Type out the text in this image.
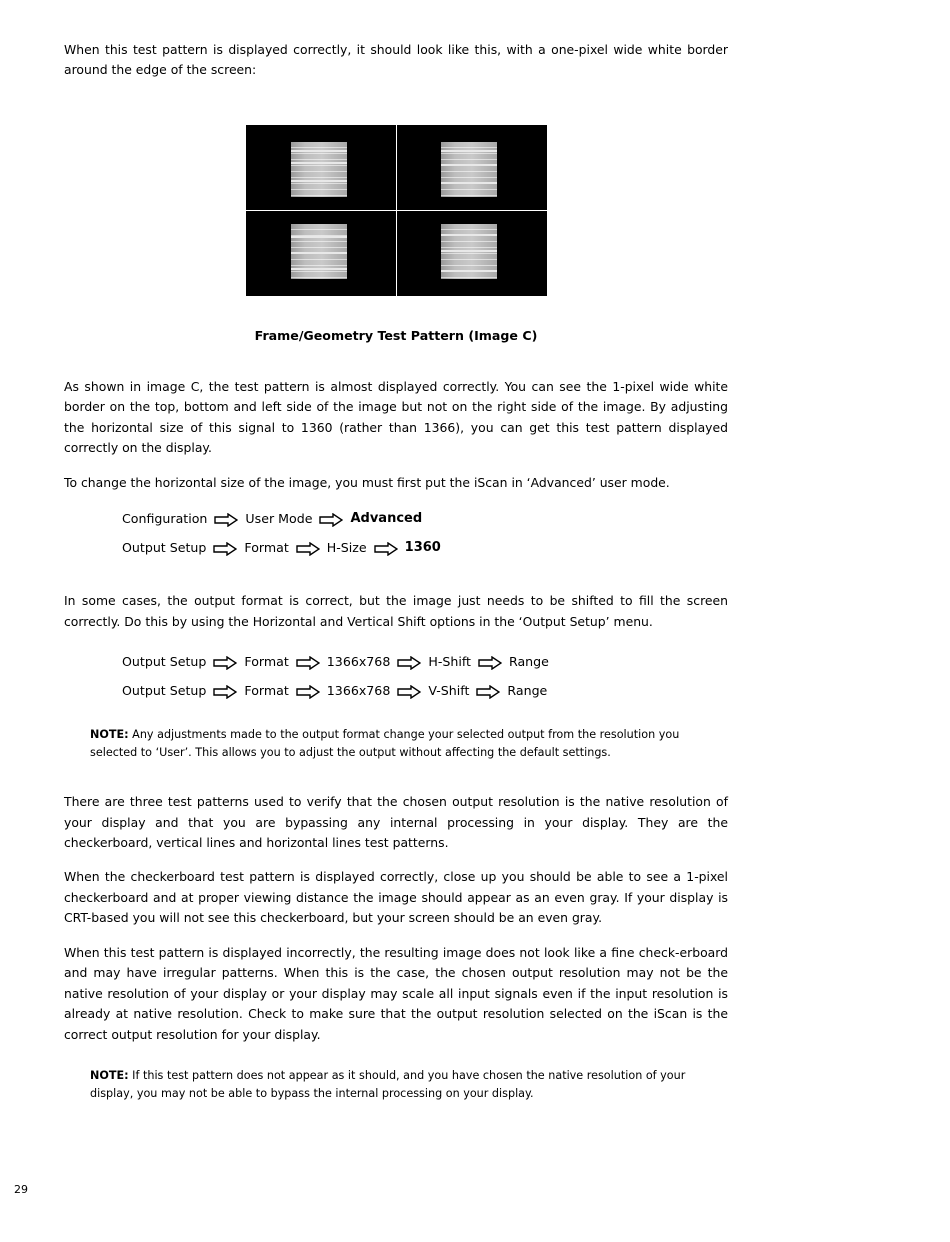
When this test pattern is displayed correctly, it should look like this, with a one-pixel wide white border around the edge of the screen:

Frame/Geometry Test Pattern (Image C)

As shown in image C, the test pattern is almost displayed correctly. You can see the 1-pixel wide white border on the top, bottom and left side of the image but not on the right side of the image. By adjusting the horizontal size of this signal to 1360 (rather than 1366), you can get this test pattern displayed correctly on the display.

To change the horizontal size of the image, you must first put the iScan in ‘Advanced’ user mode.

Configuration	User Mode	Advanced
Output Setup	Format	H-Size	1360

In some cases, the output format is correct, but the image just needs to be shifted to fill the screen correctly. Do this by using the Horizontal and Vertical Shift options in the ‘Output Setup’ menu.

Output Setup	Format	1366x768	H-Shift	Range
Output Setup	Format	1366x768	V-Shift	Range
NOTE: Any adjustments made to the output format change your selected output from the resolution you selected to ‘User’. This allows you to adjust the output without affecting the default settings.

There are three test patterns used to verify that the chosen output resolution is the native resolution of your display and that you are bypassing any internal processing in your display. They are the checkerboard, vertical lines and horizontal lines test patterns.

When the checkerboard test pattern is displayed correctly, close up you should be able to see a 1-pixel checkerboard and at proper viewing distance the image should appear as an even gray. If your display is CRT-based you will not see this checkerboard, but your screen should be an even gray.

When this test pattern is displayed incorrectly, the resulting image does not look like a fine check-erboard and may have irregular patterns. When this is the case, the chosen output resolution may not be the native resolution of your display or your display may scale all input signals even if the input resolution is already at native resolution. Check to make sure that the output resolution selected on the iScan is the correct output resolution for your display.

NOTE: If this test pattern does not appear as it should, and you have chosen the native resolution of your display, you may not be able to bypass the internal processing on your display.
29
